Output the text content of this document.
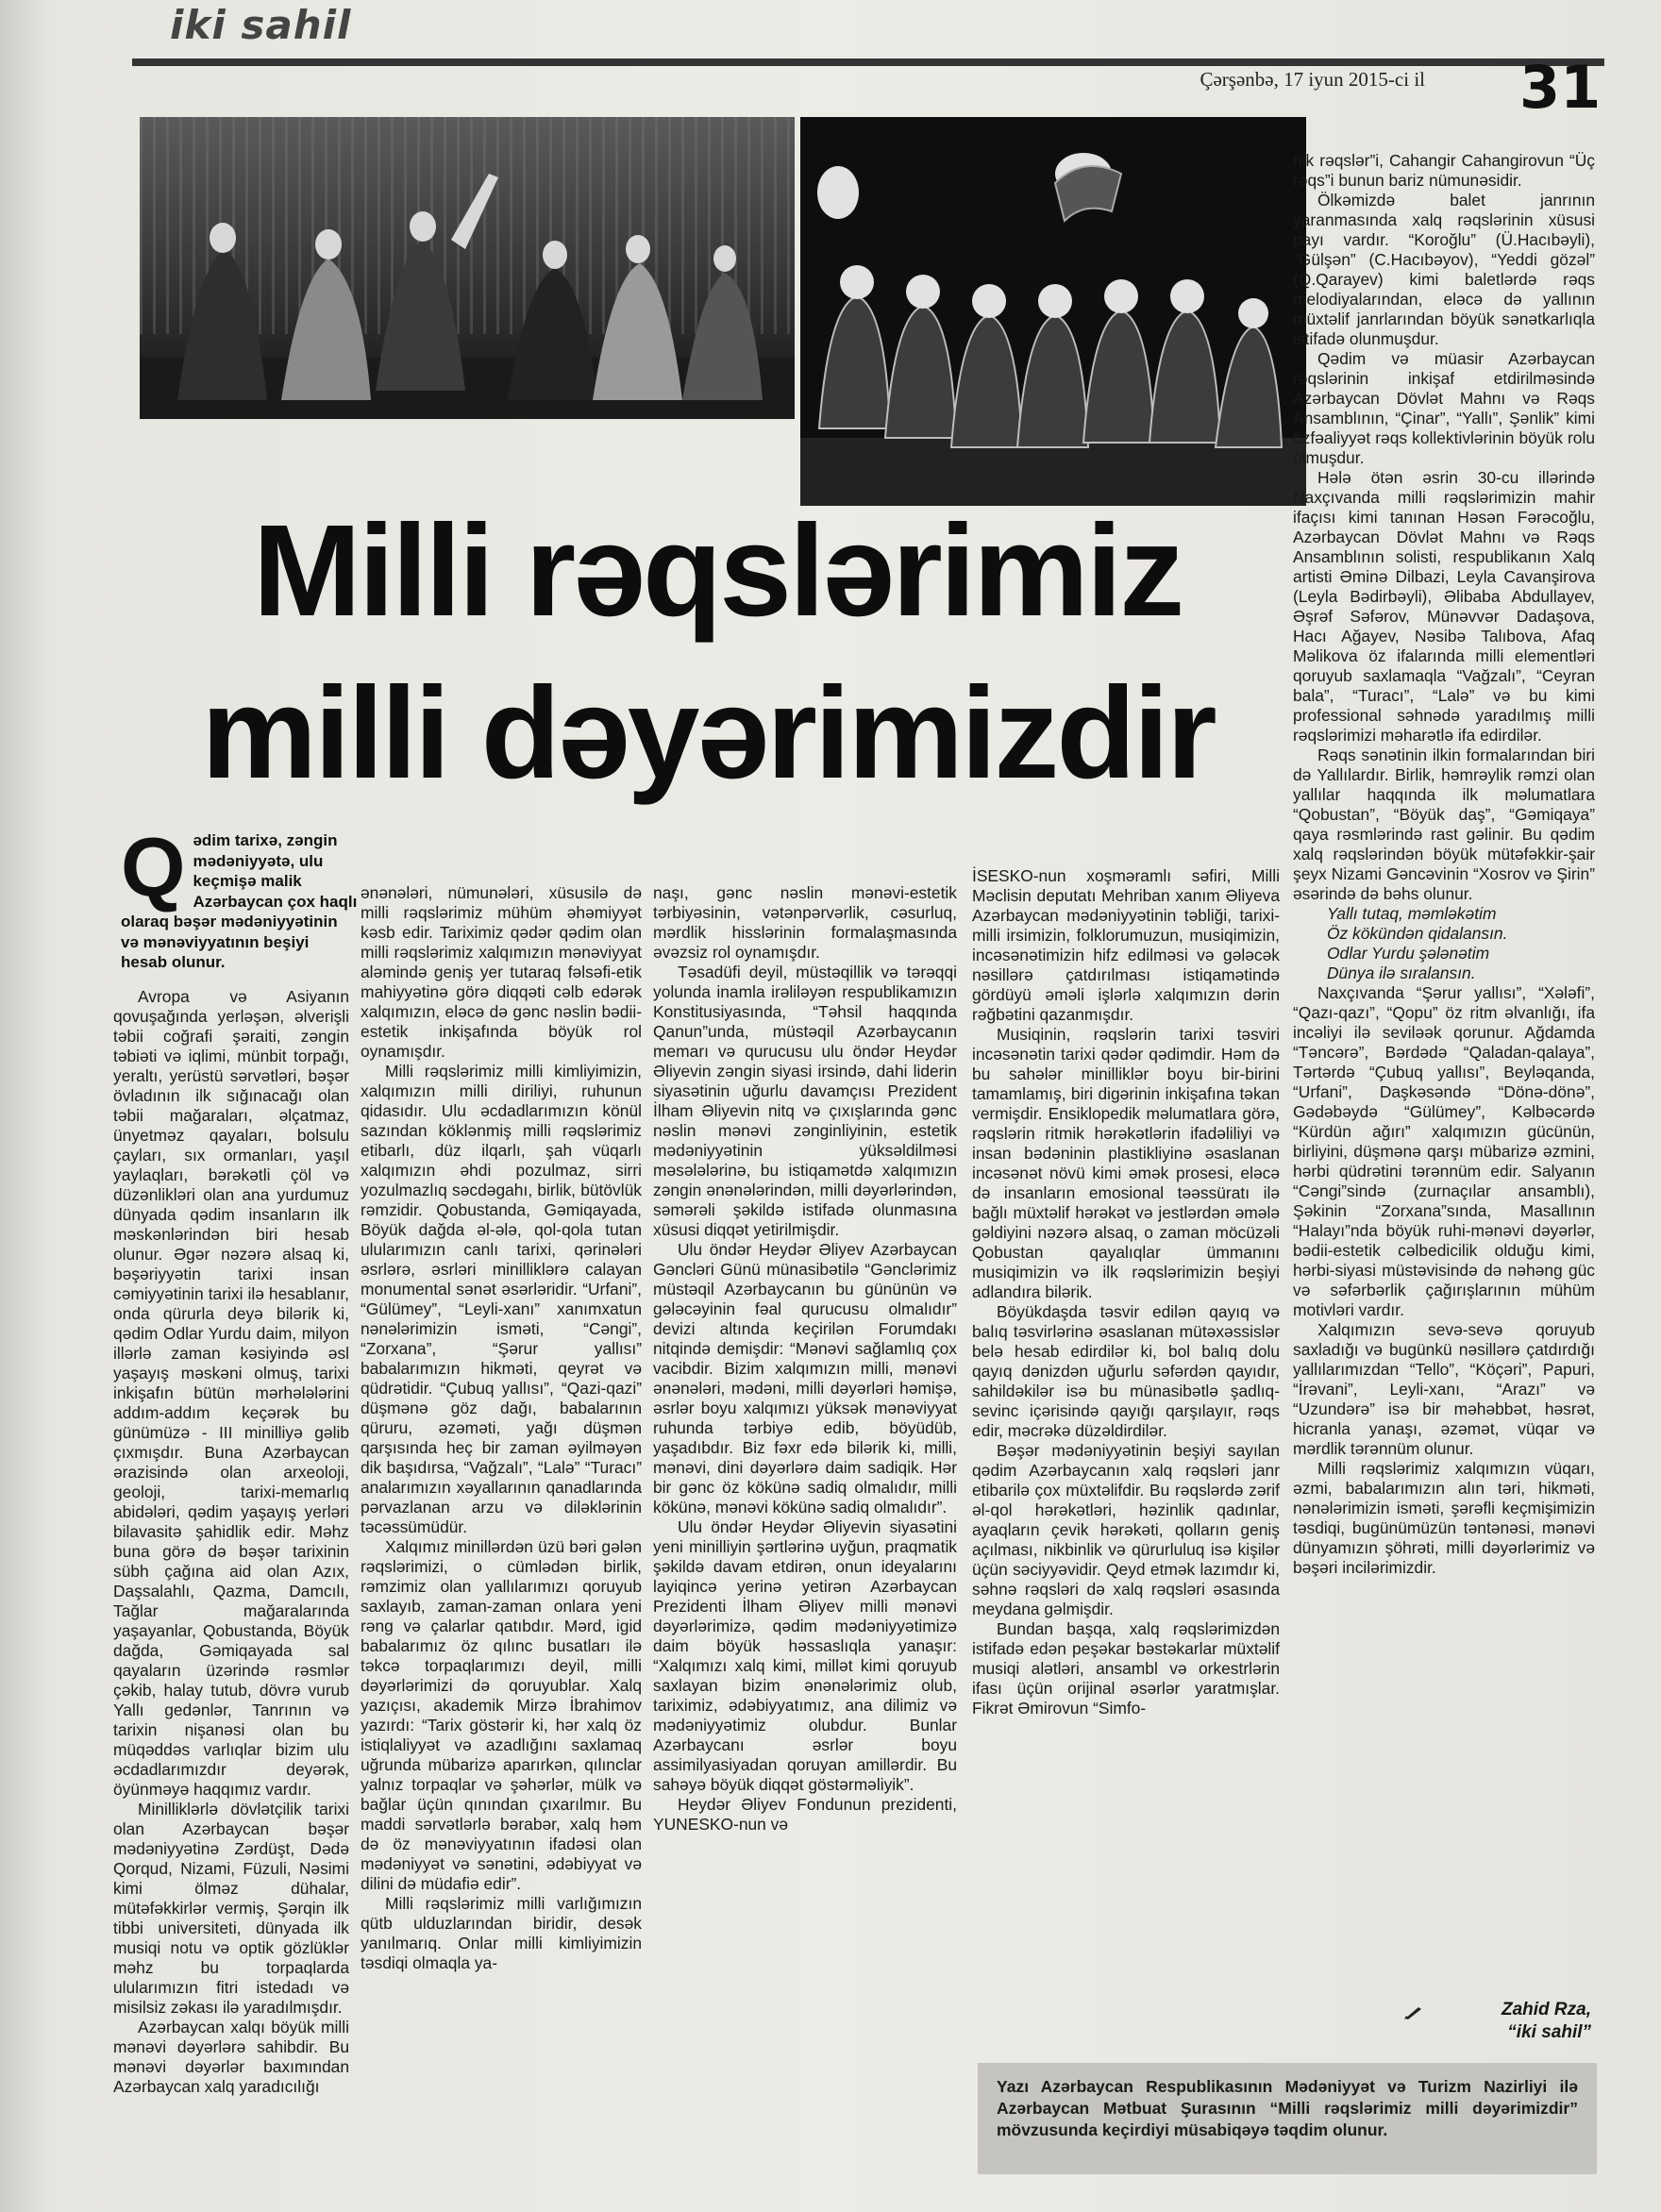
iki sahil
Çərşənbə, 17 iyun 2015-ci il 31
Milli rəqslərimiz
milli dəyərimizdir
Q ədim tarixə, zəngin mədəniyyətə, ulu keçmişə malik Azərbaycan çox haqlı olaraq bəşər mədəniyyətinin və mənəviyyatının beşiyi hesab olunur.

Avropa və Asiyanın qovuşağında yerləşən, əlverişli təbii coğrafi şəraiti, zəngin təbiəti və iqlimi, münbit torpağı, yeraltı, yerüstü sərvətləri, bəşər övladının ilk sığınacağı olan təbii mağaraları, əlçatmaz, ünyetməz qayaları, bolsulu çayları, sıx ormanları, yaşıl yaylaqları, bərəkətli çöl və düzənlikləri olan ana yurdumuz dünyada qədim insanların ilk məskənlərindən biri hesab olunur. Əgər nəzərə alsaq ki, bəşəriyyətin tarixi insan cəmiyyətinin tarixi ilə hesablanır, onda qürurla deyə bilərik ki, qədim Odlar Yurdu daim, milyon illərlə zaman kəsiyində əsl yaşayış məskəni olmuş, tarixi inkişafın bütün mərhələlərini addım-addım keçərək bu günümüzə - III minilliyə gəlib çıxmışdır. Buna Azərbaycan ərazisində olan arxeoloji, geoloji, tarixi-memarlıq abidələri, qədim yaşayış yerləri bilavasitə şahidlik edir. Məhz buna görə də bəşər tarixinin sübh çağına aid olan Azıx, Daşsalahlı, Qazma, Damcılı, Tağlar mağaralarında yaşayanlar, Qobustanda, Böyük dağda, Gəmiqayada sal qayaların üzərində rəsmlər çəkib, halay tutub, dövrə vurub Yallı gedənlər, Tanrının və tarixin nişanəsi olan bu müqəddəs varlıqlar bizim ulu əcdadlarımızdır deyərək, öyünməyə haqqımız vardır.

Minilliklərlə dövlətçilik tarixi olan Azərbaycan bəşər mədəniyyətinə Zərdüşt, Dədə Qorqud, Nizami, Füzuli, Nəsimi kimi ölməz dühalar, mütəfəkkirlər vermiş, Şərqin ilk tibbi universiteti, dünyada ilk musiqi notu və optik gözlüklər məhz bu torpaqlarda ulularımızın fitri istedadı və misilsiz zəkası ilə yaradılmışdır.

Azərbaycan xalqı böyük milli mənəvi dəyərlərə sahibdir. Bu mənəvi dəyərlər baxımından Azərbaycan xalq yaradıcılığı

ənənələri, nümunələri, xüsusilə də milli rəqslərimiz mühüm əhəmiyyət kəsb edir. Tariximiz qədər qədim olan milli rəqslərimiz xalqımızın mənəviyyat aləmində geniş yer tutaraq fəlsəfi-etik mahiyyətinə görə diqqəti cəlb edərək xalqımızın, eləcə də gənc nəslin bədii-estetik inkişafında böyük rol oynamışdır.

Milli rəqslərimiz milli kimliyimizin, xalqımızın milli diriliyi, ruhunun qidasıdır. Ulu əcdadlarımızın könül sazından köklənmiş milli rəqslərimiz etibarlı, düz ilqarlı, şah vüqarlı xalqımızın əhdi pozulmaz, sirri yozulmazlıq səcdəgahı, birlik, bütövlük rəmzidir. Qobustanda, Gəmiqayada, Böyük dağda əl-ələ, qol-qola tutan ulularımızın canlı tarixi, qərinələri əsrlərə, əsrləri minilliklərə calayan monumental sənət əsərləridir. “Urfani”, “Gülümey”, “Leyli-xanı” xanımxatun nənələrimizin isməti, “Cəngi”, “Zorxana”, “Şərur yallısı” babalarımızın hikməti, qeyrət və qüdrətidir. “Çubuq yallısı”, “Qazi-qazi” düşmənə göz dağı, babalarının qüruru, əzəməti, yağı düşmən qarşısında heç bir zaman əyilməyən dik başıdırsa, “Vağzalı”, “Lalə” “Turacı” analarımızın xəyallarının qanadlarında pərvazlanan arzu və diləklərinin təcəssümüdür.

Xalqımız minillərdən üzü bəri gələn rəqslərimizi, o cümlədən birlik, rəmzimiz olan yallılarımızı qoruyub saxlayıb, zaman-zaman onlara yeni rəng və çalarlar qatıbdır. Mərd, igid babalarımız öz qılınc busatları ilə təkcə torpaqlarımızı deyil, milli dəyərlərimizi də qoruyublar. Xalq yazıçısı, akademik Mirzə İbrahimov yazırdı: “Tarix göstərir ki, hər xalq öz istiqlaliyyət və azadlığını saxlamaq uğrunda mübarizə aparırkən, qılınclar yalnız torpaqlar və şəhərlər, mülk və bağlar üçün qınından çıxarılmır. Bu maddi sərvətlərlə bərabər, xalq həm də öz mənəviyyatının ifadəsi olan mədəniyyət və sənətini, ədəbiyyat və dilini də müdafiə edir”.

Milli rəqslərimiz milli varlığımızın qütb ulduzlarından biridir, desək yanılmarıq. Onlar milli kimliyimizin təsdiqi olmaqla ya-

naşı, gənc nəslin mənəvi-estetik tərbiyəsinin, vətənpərvərlik, cəsurluq, mərdlik hisslərinin formalaşmasında əvəzsiz rol oynamışdır.

Təsadüfi deyil, müstəqillik və tərəqqi yolunda inamla irəliləyən respublikamızın Konstitusiyasında, “Təhsil haqqında Qanun”unda, müstəqil Azərbaycanın memarı və qurucusu ulu öndər Heydər Əliyevin zəngin siyasi irsində, dahi liderin siyasətinin uğurlu davamçısı Prezident İlham Əliyevin nitq və çıxışlarında gənc nəslin mənəvi zənginliyinin, estetik mədəniyyətinin yüksəldilməsi məsələlərinə, bu istiqamətdə xalqımızın zəngin ənənələrindən, milli dəyərlərindən, səmərəli şəkildə istifadə olunmasına xüsusi diqqət yetirilmişdir.

Ulu öndər Heydər Əliyev Azərbaycan Gəncləri Günü münasibətilə “Gənclərimiz müstəqil Azərbaycanın bu gününün və gələcəyinin fəal qurucusu olmalıdır” devizi altında keçirilən Forumdakı nitqində demişdir: “Mənəvi sağlamlıq çox vacibdir. Bizim xalqımızın milli, mənəvi ənənələri, mədəni, milli dəyərləri həmişə, əsrlər boyu xalqımızı yüksək mənəviyyat ruhunda tərbiyə edib, böyüdüb, yaşadıbdır. Biz fəxr edə bilərik ki, milli, mənəvi, dini dəyərlərə daim sadiqik. Hər bir gənc öz kökünə sadiq olmalıdır, milli kökünə, mənəvi kökünə sadiq olmalıdır”.

Ulu öndər Heydər Əliyevin siyasətini yeni minilliyin şərtlərinə uyğun, praqmatik şəkildə davam etdirən, onun ideyalarını layiqincə yerinə yetirən Azərbaycan Prezidenti İlham Əliyev milli mənəvi dəyərlərimizə, qədim mədəniyyətimizə daim böyük həssaslıqla yanaşır: “Xalqımızı xalq kimi, millət kimi qoruyub saxlayan bizim ənənələrimiz olub, tariximiz, ədəbiyyatımız, ana dilimiz və mədəniyyətimiz olubdur. Bunlar Azərbaycanı əsrlər boyu assimilyasiyadan qoruyan amillərdir. Bu sahəyə böyük diqqət göstərməliyik”.

Heydər Əliyev Fondunun prezidenti, YUNESKO-nun və

İSESKO-nun xoşməramlı səfiri, Milli Məclisin deputatı Mehriban xanım Əliyeva Azərbaycan mədəniyyətinin təbliği, tarixi-milli irsimizin, folklorumuzun, musiqimizin, incəsənətimizin hifz edilməsi və gələcək nəsillərə çatdırılması istiqamətində gördüyü əməli işlərlə xalqımızın dərin rəğbətini qazanmışdır.

Musiqinin, rəqslərin tarixi təsviri incəsənətin tarixi qədər qədimdir. Həm də bu sahələr minilliklər boyu bir-birini tamamlamış, biri digərinin inkişafına təkan vermişdir. Ensiklopedik məlumatlara görə, rəqslərin ritmik hərəkətlərin ifadəliliyi və insan bədəninin plastikliyinə əsaslanan incəsənət növü kimi əmək prosesi, eləcə də insanların emosional təəssüratı ilə bağlı müxtəlif hərəkət və jestlərdən əmələ gəldiyini nəzərə alsaq, o zaman möcüzəli Qobustan qayalıqlar ümmanını musiqimizin və ilk rəqslərimizin beşiyi adlandıra bilərik.

Böyükdaşda təsvir edilən qayıq və balıq təsvirlərinə əsaslanan mütəxəssislər belə hesab edirdilər ki, bol balıq dolu qayıq dənizdən uğurlu səfərdən qayıdır, sahildəkilər isə bu münasibətlə şadlıq-sevinc içərisində qayığı qarşılayır, rəqs edir, məcrəkə düzəldirdilər.

Bəşər mədəniyyətinin beşiyi sayılan qədim Azərbaycanın xalq rəqsləri janr etibarilə çox müxtəlifdir. Bu rəqslərdə zərif əl-qol hərəkətləri, həzinlik qadınlar, ayaqların çevik hərəkəti, qolların geniş açılması, nikbinlik və qürurluluq isə kişilər üçün səciyyəvidir. Qeyd etmək lazımdır ki, səhnə rəqsləri də xalq rəqsləri əsasında meydana gəlmişdir.

Bundan başqa, xalq rəqslərimizdən istifadə edən peşəkar bəstəkarlar müxtəlif musiqi alətləri, ansambl və orkestrlərin ifası üçün orijinal əsərlər yaratmışlar. Fikrət Əmirovun “Simfo-

nik rəqslər”i, Cahangir Cahangirovun “Üç rəqs”i bunun bariz nümunəsidir.

Ölkəmizdə balet janrının yaranmasında xalq rəqslərinin xüsusi payı vardır. “Koroğlu” (Ü.Hacıbəyli), “Gülşən” (C.Hacıbəyov), “Yeddi gözəl” (Q.Qarayev) kimi baletlərdə rəqs melodiyalarından, eləcə də yallının müxtəlif janrlarından böyük sənətkarlıqla istifadə olunmuşdur.

Qədim və müasir Azərbaycan rəqslərinin inkişaf etdirilməsində Azərbaycan Dövlət Mahnı və Rəqs Ansamblının, “Çinar”, “Yallı”, Şənlik” kimi özfəaliyyət rəqs kollektivlərinin böyük rolu olmuşdur.

Hələ ötən əsrin 30-cu illərində Naxçıvanda milli rəqslərimizin mahir ifaçısı kimi tanınan Həsən Fərəcoğlu, Azərbaycan Dövlət Mahnı və Rəqs Ansamblının solisti, respublikanın Xalq artisti Əminə Dilbazi, Leyla Cavanşirova (Leyla Bədirbəyli), Əlibaba Abdullayev, Əşrəf Səfərov, Münəvvər Dadaşova, Hacı Ağayev, Nəsibə Talıbova, Afaq Məlikova öz ifalarında milli elementləri qoruyub saxlamaqla “Vağzalı”, “Ceyran bala”, “Turacı”, “Lalə” və bu kimi professional səhnədə yaradılmış milli rəqslərimizi məharətlə ifa edirdilər.

Rəqs sənətinin ilkin formalarından biri də Yallılardır. Birlik, həmrəylik rəmzi olan yallılar haqqında ilk məlumatlara “Qobustan”, “Böyük daş”, “Gəmiqaya” qaya rəsmlərində rast gəlinir. Bu qədim xalq rəqslərindən böyük mütəfəkkir-şair şeyx Nizami Gəncəvinin “Xosrov və Şirin” əsərində də bəhs olunur.

Yallı tutaq, məmləkətim

Öz kökündən qidalansın.

Odlar Yurdu şələnətim

Dünya ilə sıralansın.

Naxçıvanda “Şərur yallısı”, “Xələfi”, “Qazı-qazı”, “Qopu” öz ritm əlvanlığı, ifa incəliyi ilə seviləək qorunur. Ağdamda “Təncərə”, Bərdədə “Qaladan-qalaya”, Tərtərdə “Çubuq yallısı”, Beyləqanda, “Urfani”, Daşkəsəndə “Dönə-dönə”, Gədəbəydə “Gülümey”, Kəlbəcərdə “Kürdün ağırı” xalqımızın gücünün, birliyini, düşmənə qarşı mübarizə əzmini, hərbi qüdrətini tərənnüm edir. Salyanın “Cəngi”sində (zurnaçılar ansamblı), Şəkinin “Zorxana”sında, Masallının “Halayı”nda böyük ruhi-mənəvi dəyərlər, bədii-estetik cəlbedicilik olduğu kimi, hərbi-siyasi müstəvisində də nəhəng güc və səfərbərlik çağırışlarının mühüm motivləri vardır.

Xalqımızın sevə-sevə qoruyub saxladığı və bugünkü nəsillərə çatdırdığı yallılarımızdan “Tello”, “Köçəri”, Papuri, “İrəvani”, Leyli-xanı, “Arazı” və “Uzundərə” isə bir məhəbbət, həsrət, hicranla yanaşı, əzəmət, vüqar və mərdlik tərənnüm olunur.

Milli rəqslərimiz xalqımızın vüqarı, əzmi, babalarımızın alın təri, hikməti, nənələrimizin isməti, şərəfli keçmişimizin təsdiqi, bugünümüzün təntənəsi, mənəvi dünyamızın şöhrəti, milli dəyərlərimiz və bəşəri incilərimizdir.

Zahid Rza,
“iki sahil”
Yazı Azərbaycan Respublikasının Mədəniyyət və Turizm Nazirliyi ilə Azərbaycan Mətbuat Şurasının “Milli rəqslərimiz milli dəyərimizdir” mövzusunda keçirdiyi müsabiqəyə təqdim olunur.
